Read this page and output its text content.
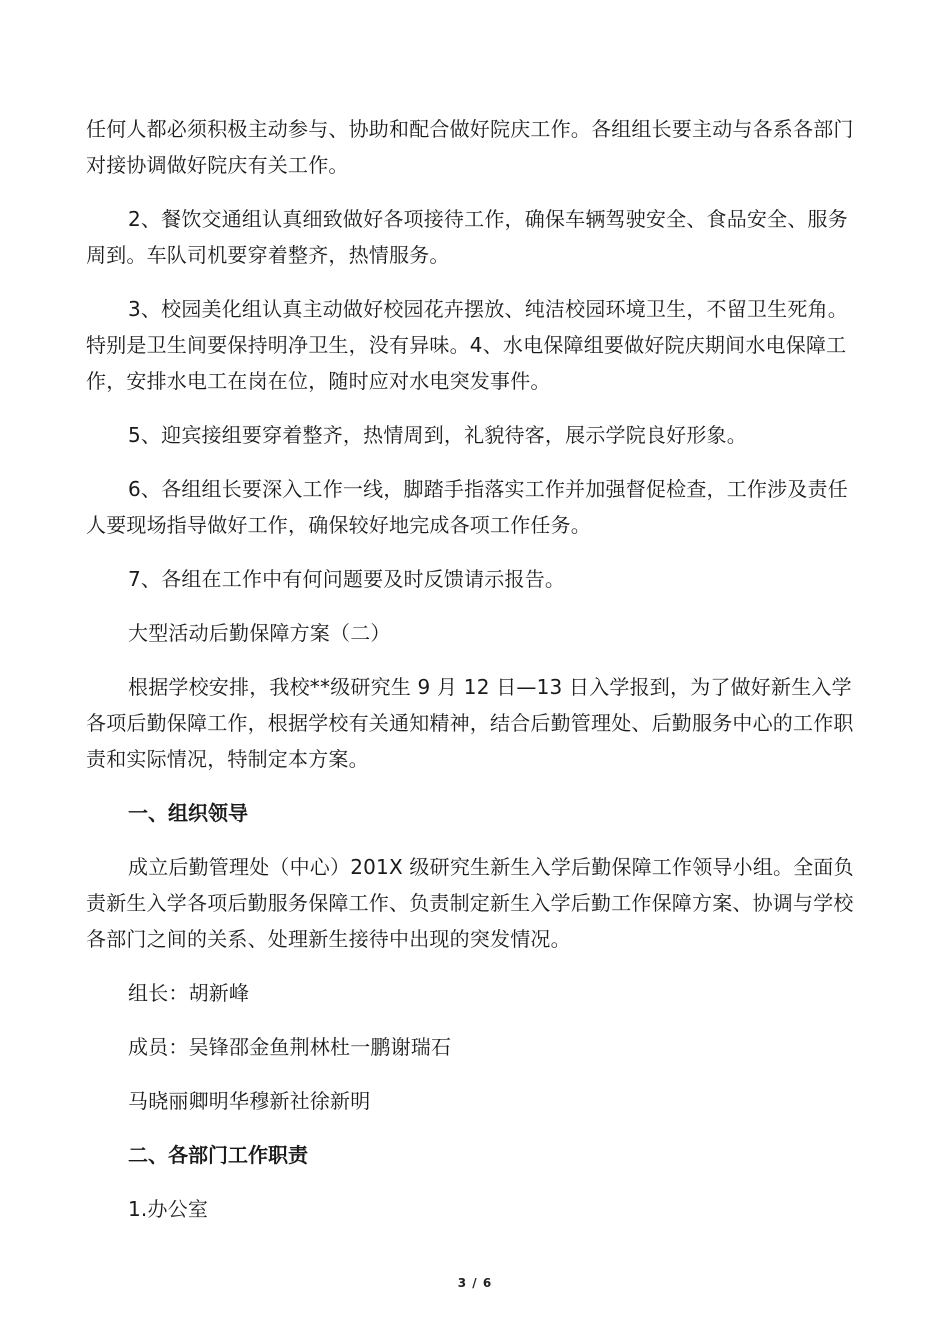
任何人都必须积极主动参与、协助和配合做好院庆工作。各组组长要主动与各系各部门对接协调做好院庆有关工作。

2、餐饮交通组认真细致做好各项接待工作，确保车辆驾驶安全、食品安全、服务周到。车队司机要穿着整齐，热情服务。

3、校园美化组认真主动做好校园花卉摆放、纯洁校园环境卫生，不留卫生死角。特别是卫生间要保持明净卫生，没有异味。4、水电保障组要做好院庆期间水电保障工作，安排水电工在岗在位，随时应对水电突发事件。

5、迎宾接组要穿着整齐，热情周到，礼貌待客，展示学院良好形象。

6、各组组长要深入工作一线，脚踏手指落实工作并加强督促检查，工作涉及责任人要现场指导做好工作，确保较好地完成各项工作任务。

7、各组在工作中有何问题要及时反馈请示报告。

大型活动后勤保障方案（二）

根据学校安排，我校**级研究生 9 月 12 日—13 日入学报到，为了做好新生入学各项后勤保障工作，根据学校有关通知精神，结合后勤管理处、后勤服务中心的工作职责和实际情况，特制定本方案。

一、组织领导

成立后勤管理处（中心）201X 级研究生新生入学后勤保障工作领导小组。全面负责新生入学各项后勤服务保障工作、负责制定新生入学后勤工作保障方案、协调与学校各部门之间的关系、处理新生接待中出现的突发情况。

组长：胡新峰

成员：吴锋邵金鱼荆林杜一鹏谢瑞石

马晓丽卿明华穆新社徐新明

二、各部门工作职责

1.办公室

3 / 6
